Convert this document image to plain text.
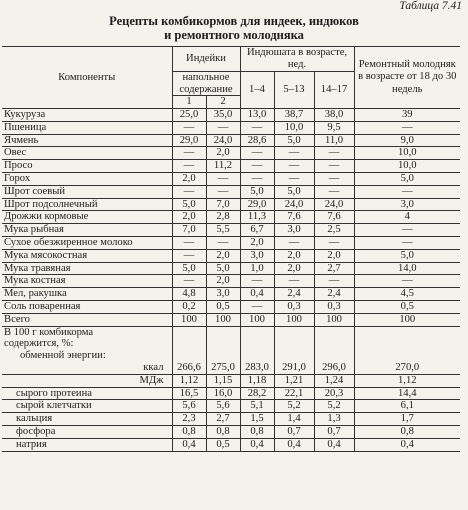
Таблица 7.41
Рецепты комбикормов для индеек, индюков
и ремонтного молодняка
Компоненты	Индейки		Индюшата в возрасте, нед.			Ремонтный молодняк в возрасте от 18 до 30 недель
	напольное содержание		1–4	5–13	14–17	
	1	2				
Кукуруза	25,0	35,0	13,0	38,7	38,0	39
Пшеница	—	—	—	10,0	9,5	—
Ячмень	29,0	24,0	28,6	5,0	11,0	9,0
Овес	—	2,0	—	—	—	10,0
Просо	—	11,2	—	—	—	10,0
Горох	2,0	—	—	—	—	5,0
Шрот соевый	—	—	5,0	5,0	—	—
Шрот подсолнечный	5,0	7,0	29,0	24,0	24,0	3,0
Дрожжи кормовые	2,0	2,8	11,3	7,6	7,6	4
Мука рыбная	7,0	5,5	6,7	3,0	2,5	—
Сухое обезжиренное молоко	—	—	2,0	—	—	—
Мука мясокостная	—	2,0	3,0	2,0	2,0	5,0
Мука травяная	5,0	5,0	1,0	2,0	2,7	14,0
Мука костная	—	2,0	—	—	—	—
Мел, ракушка	4,8	3,0	0,4	2,4	2,4	4,5
Соль поваренная	0,2	0,5	—	0,3	0,3	0,5
Всего	100	100	100	100	100	100
В 100 г комбикорма						
содержится, %:						
обменной энергии:						
ккал	266,6	275,0	283,0	291,0	296,0	270,0
МДж	1,12	1,15	1,18	1,21	1,24	1,12
сырого протеина	16,5	16,0	28,2	22,1	20,3	14,4
сырой клетчатки	5,6	5,6	5,1	5,2	5,2	6,1
кальция	2,3	2,7	1,5	1,4	1,3	1,7
фосфора	0,8	0,8	0,8	0,7	0,7	0,8
натрия	0,4	0,5	0,4	0,4	0,4	0,4
